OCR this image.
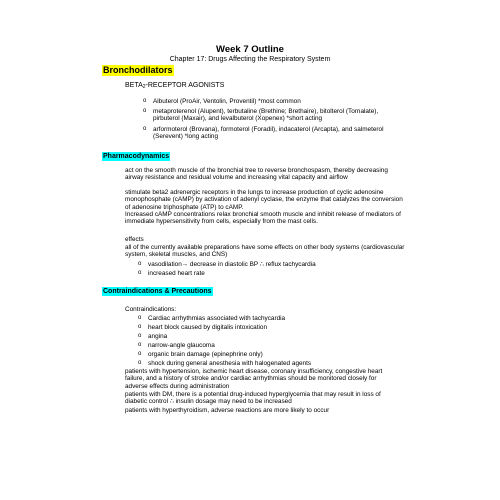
Week 7 Outline
Chapter 17: Drugs Affecting the Respiratory System
Bronchodilators
$BETA_2$-RECEPTOR AGONISTS
o Albuterol (ProAir, Ventolin, Proventil) *most common
o metaproterenol (Alupent), terbutaline (Brethine; Brethaire), bitolterol (Tornalate), pirbuterol (Maxair), and levalbuterol (Xopenex) *short acting
o arformoterol (Brovana), formoterol (Foradil), indacaterol (Arcapta), and salmeterol (Serevent) *long acting
Pharmacodynamics
act on the smooth muscle of the bronchial tree to reverse bronchospasm, thereby decreasing airway resistance and residual volume and increasing vital capacity and airflow
stimulate beta2 adrenergic receptors in the lungs to increase production of cyclic adenosine monophosphate (cAMP) by activation of adenyl cyclase, the enzyme that catalyzes the conversion of adenosine triphosphate (ATP) to cAMP.
Increased cAMP concentrations relax bronchial smooth muscle and inhibit release of mediators of immediate hypersensitivity from cells, especially from the mast cells.
effects
all of the currently available preparations have some effects on other body systems (cardiovascular system, skeletal muscles, and CNS)
o vasodilation→ decrease in diastolic BP ∴ reflux tachycardia
o increased heart rate
Contraindications & Precautions
Contraindications:
o Cardiac arrhythmias associated with tachycardia
o heart block caused by digitalis intoxication
o angina
o narrow-angle glaucoma
o organic brain damage (epinephrine only)
o shock during general anesthesia with halogenated agents
patients with hypertension, ischemic heart disease, coronary insufficiency, congestive heart failure, and a history of stroke and/or cardiac arrhythmias should be monitored closely for adverse effects during administration
patients with DM, there is a potential drug-induced hyperglycemia that may result in loss of diabetic control ∴ insulin dosage may need to be increased
patients with hyperthyroidism, adverse reactions are more likely to occur
